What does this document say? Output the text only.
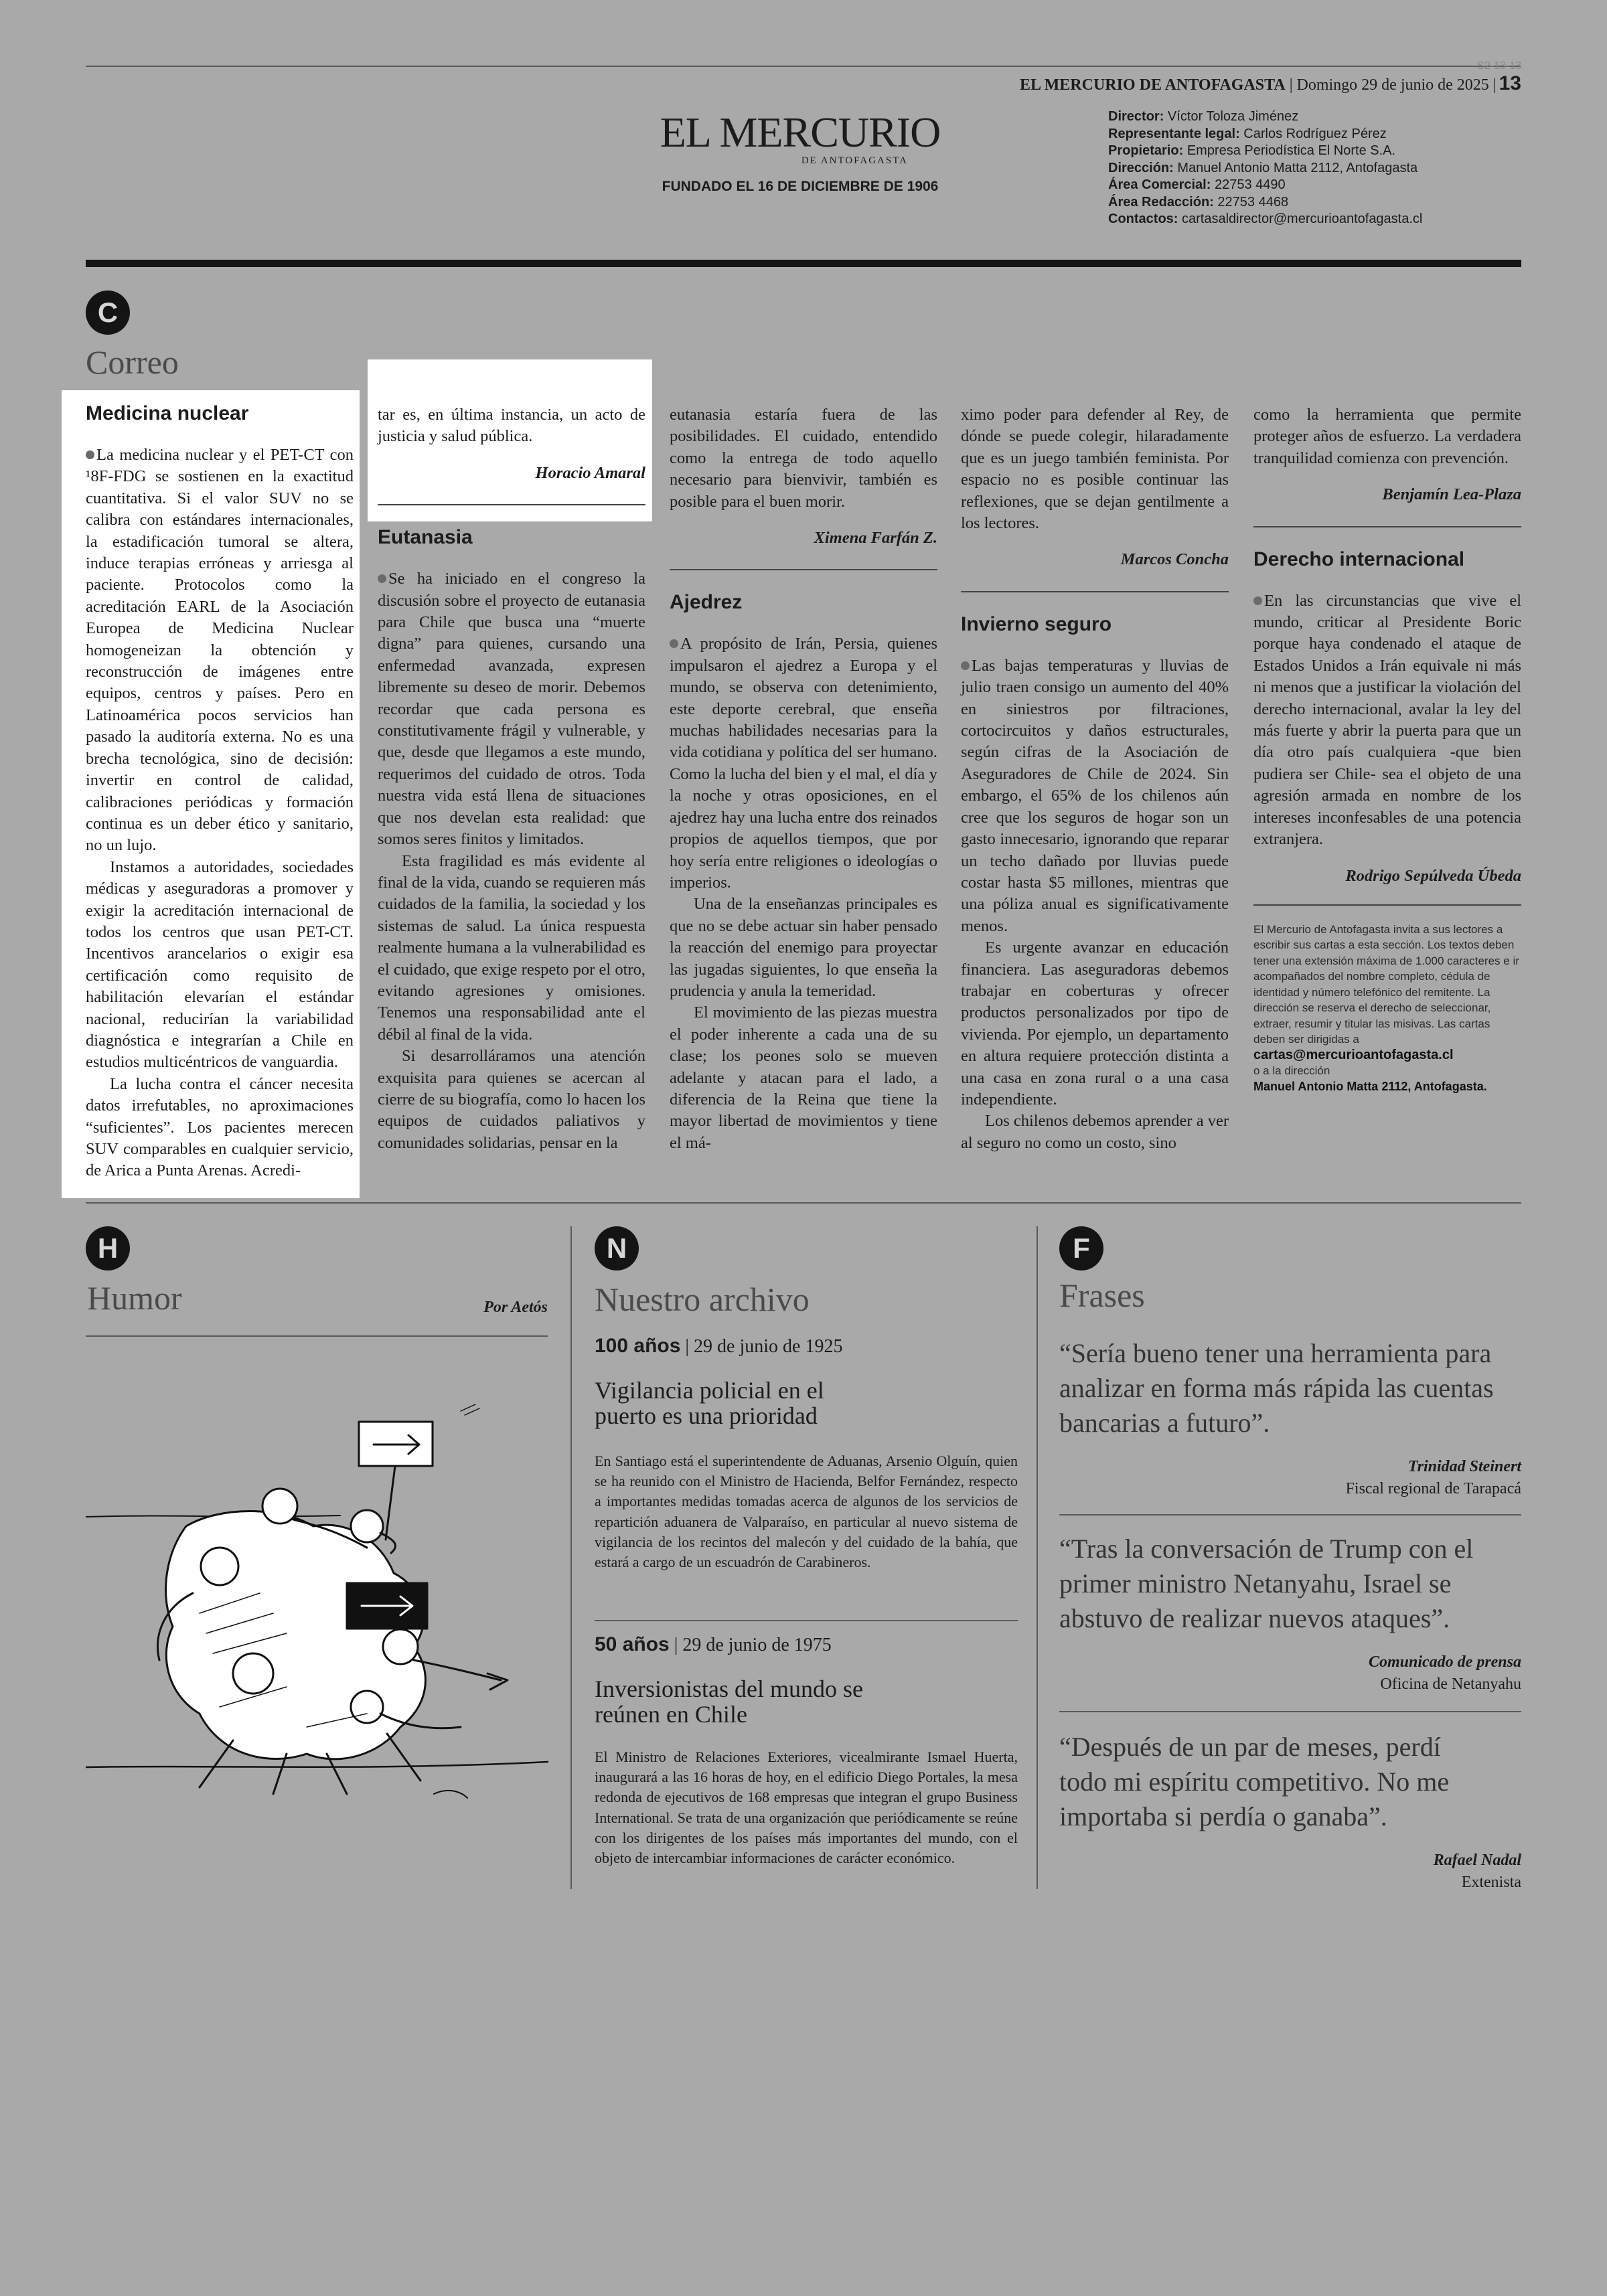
S2-13-13
EL MERCURIO DE ANTOFAGASTA | Domingo 29 de junio de 2025 | 13
EL MERCURIO
DE ANTOFAGASTA
FUNDADO EL 16 DE DICIEMBRE DE 1906
Director: Víctor Toloza Jiménez
Representante legal: Carlos Rodríguez Pérez
Propietario: Empresa Periodística El Norte S.A.
Dirección: Manuel Antonio Matta 2112, Antofagasta
Área Comercial: 22753 4490
Área Redacción: 22753 4468
Contactos: cartasaldirector@mercurioantofagasta.cl
C
Correo
Medicina nuclear

La medicina nuclear y el PET-CT con ¹8F-FDG se sostienen en la exactitud cuantitativa. Si el valor SUV no se calibra con estándares internacionales, la estadificación tumoral se altera, induce terapias erróneas y arriesga al paciente. Protocolos como la acreditación EARL de la Asociación Europea de Medicina Nuclear homogeneizan la obtención y reconstrucción de imágenes entre equipos, centros y países. Pero en Latinoamérica pocos servicios han pasado la auditoría externa. No es una brecha tecnológica, sino de decisión: invertir en control de calidad, calibraciones periódicas y formación continua es un deber ético y sanitario, no un lujo.

Instamos a autoridades, sociedades médicas y aseguradoras a promover y exigir la acreditación internacional de todos los centros que usan PET-CT. Incentivos arancelarios o exigir esa certificación como requisito de habilitación elevarían el estándar nacional, reducirían la variabilidad diagnóstica e integrarían a Chile en estudios multicéntricos de vanguardia.

La lucha contra el cáncer necesita datos irrefutables, no aproximaciones “suficientes”. Los pacientes merecen SUV comparables en cualquier servicio, de Arica a Punta Arenas. Acredi-

tar es, en última instancia, un acto de justicia y salud pública.

Horacio Amaral
Eutanasia

Se ha iniciado en el congreso la discusión sobre el proyecto de eutanasia para Chile que busca una “muerte digna” para quienes, cursando una enfermedad avanzada, expresen libremente su deseo de morir. Debemos recordar que cada persona es constitutivamente frágil y vulnerable, y que, desde que llegamos a este mundo, requerimos del cuidado de otros. Toda nuestra vida está llena de situaciones que nos develan esta realidad: que somos seres finitos y limitados.

Esta fragilidad es más evidente al final de la vida, cuando se requieren más cuidados de la familia, la sociedad y los sistemas de salud. La única respuesta realmente humana a la vulnerabilidad es el cuidado, que exige respeto por el otro, evitando agresiones y omisiones. Tenemos una responsabilidad ante el débil al final de la vida.

Si desarrolláramos una atención exquisita para quienes se acercan al cierre de su biografía, como lo hacen los equipos de cuidados paliativos y comunidades solidarias, pensar en la

eutanasia estaría fuera de las posibilidades. El cuidado, entendido como la entrega de todo aquello necesario para bienvivir, también es posible para el buen morir.

Ximena Farfán Z.
Ajedrez

A propósito de Irán, Persia, quienes impulsaron el ajedrez a Europa y el mundo, se observa con detenimiento, este deporte cerebral, que enseña muchas habilidades necesarias para la vida cotidiana y política del ser humano. Como la lucha del bien y el mal, el día y la noche y otras oposiciones, en el ajedrez hay una lucha entre dos reinados propios de aquellos tiempos, que por hoy sería entre religiones o ideologías o imperios.

Una de la enseñanzas principales es que no se debe actuar sin haber pensado la reacción del enemigo para proyectar las jugadas siguientes, lo que enseña la prudencia y anula la temeridad.

El movimiento de las piezas muestra el poder inherente a cada una de su clase; los peones solo se mueven adelante y atacan para el lado, a diferencia de la Reina que tiene la mayor libertad de movimientos y tiene el má-

ximo poder para defender al Rey, de dónde se puede colegir, hilaradamente que es un juego también feminista. Por espacio no es posible continuar las reflexiones, que se dejan gentilmente a los lectores.

Marcos Concha
Invierno seguro

Las bajas temperaturas y lluvias de julio traen consigo un aumento del 40% en siniestros por filtraciones, cortocircuitos y daños estructurales, según cifras de la Asociación de Aseguradores de Chile de 2024. Sin embargo, el 65% de los chilenos aún cree que los seguros de hogar son un gasto innecesario, ignorando que reparar un techo dañado por lluvias puede costar hasta $5 millones, mientras que una póliza anual es significativamente menos.

Es urgente avanzar en educación financiera. Las aseguradoras debemos trabajar en coberturas y ofrecer productos personalizados por tipo de vivienda. Por ejemplo, un departamento en altura requiere protección distinta a una casa en zona rural o a una casa independiente.

Los chilenos debemos aprender a ver al seguro no como un costo, sino

como la herramienta que permite proteger años de esfuerzo. La verdadera tranquilidad comienza con prevención.

Benjamín Lea-Plaza
Derecho internacional

En las circunstancias que vive el mundo, criticar al Presidente Boric porque haya condenado el ataque de Estados Unidos a Irán equivale ni más ni menos que a justificar la violación del derecho internacional, avalar la ley del más fuerte y abrir la puerta para que un día otro país cualquiera -que bien pudiera ser Chile- sea el objeto de una agresión armada en nombre de los intereses inconfesables de una potencia extranjera.

Rodrigo Sepúlveda Úbeda
El Mercurio de Antofagasta invita a sus lectores a escribir sus cartas a esta sección. Los textos deben tener una extensión máxima de 1.000 caracteres e ir acompañados del nombre completo, cédula de identidad y número telefónico del remitente. La dirección se reserva el derecho de seleccionar, extraer, resumir y titular las misivas. Las cartas deben ser dirigidas a
cartas@mercurioantofagasta.cl
o a la dirección
Manuel Antonio Matta 2112, Antofagasta.
H
Humor	Por Aetós
N
Nuestro archivo
100 años | 29 de junio de 1925
Vigilancia policial en el puerto es una prioridad
En Santiago está el superintendente de Aduanas, Arsenio Olguín, quien se ha reunido con el Ministro de Hacienda, Belfor Fernández, respecto a importantes medidas tomadas acerca de algunos de los servicios de repartición aduanera de Valparaíso, en particular al nuevo sistema de vigilancia de los recintos del malecón y del cuidado de la bahía, que estará a cargo de un escuadrón de Carabineros.
50 años | 29 de junio de 1975
Inversionistas del mundo se reúnen en Chile
El Ministro de Relaciones Exteriores, vicealmirante Ismael Huerta, inaugurará a las 16 horas de hoy, en el edificio Diego Portales, la mesa redonda de ejecutivos de 168 empresas que integran el grupo Business International. Se trata de una organización que periódicamente se reúne con los dirigentes de los países más importantes del mundo, con el objeto de intercambiar informaciones de carácter económico.
F
Frases
“Sería bueno tener una herramienta para analizar en forma más rápida las cuentas bancarias a futuro”.
Trinidad Steinert
Fiscal regional de Tarapacá
“Tras la conversación de Trump con el primer ministro Netanyahu, Israel se abstuvo de realizar nuevos ataques”.
Comunicado de prensa
Oficina de Netanyahu
“Después de un par de meses, perdí todo mi espíritu competitivo. No me importaba si perdía o ganaba”.
Rafael Nadal
Extenista
